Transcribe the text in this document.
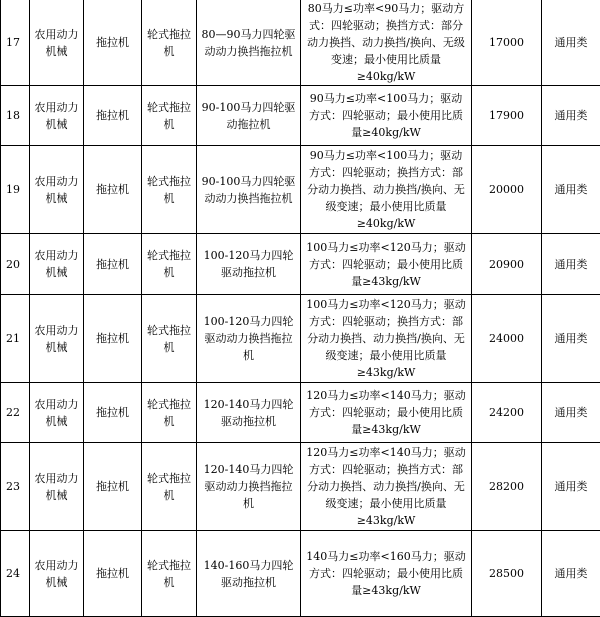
17	农用动力机械	拖拉机	轮式拖拉机	80—90马力四轮驱动动力换挡拖拉机	80马力≤功率<90马力；驱动方式：四轮驱动；换挡方式：部分动力换挡、动力换挡/换向、无级变速；最小使用比质量≥40kg/kW	17000	通用类
18	农用动力机械	拖拉机	轮式拖拉机	90-100马力四轮驱动拖拉机	90马力≤功率<100马力；驱动方式：四轮驱动；最小使用比质量≥40kg/kW	17900	通用类
19	农用动力机械	拖拉机	轮式拖拉机	90-100马力四轮驱动动力换挡拖拉机	90马力≤功率<100马力；驱动方式：四轮驱动；换挡方式：部分动力换挡、动力换挡/换向、无级变速；最小使用比质量≥40kg/kW	20000	通用类
20	农用动力机械	拖拉机	轮式拖拉机	100-120马力四轮驱动拖拉机	100马力≤功率<120马力；驱动方式：四轮驱动；最小使用比质量≥43kg/kW	20900	通用类
21	农用动力机械	拖拉机	轮式拖拉机	100-120马力四轮驱动动力换挡拖拉机	100马力≤功率<120马力；驱动方式：四轮驱动；换挡方式：部分动力换挡、动力换挡/换向、无级变速；最小使用比质量≥43kg/kW	24000	通用类
22	农用动力机械	拖拉机	轮式拖拉机	120-140马力四轮驱动拖拉机	120马力≤功率<140马力；驱动方式：四轮驱动；最小使用比质量≥43kg/kW	24200	通用类
23	农用动力机械	拖拉机	轮式拖拉机	120-140马力四轮驱动动力换挡拖拉机	120马力≤功率<140马力；驱动方式：四轮驱动；换挡方式：部分动力换挡、动力换挡/换向、无级变速；最小使用比质量≥43kg/kW	28200	通用类
24	农用动力机械	拖拉机	轮式拖拉机	140-160马力四轮驱动拖拉机	140马力≤功率<160马力；驱动方式：四轮驱动；最小使用比质量≥43kg/kW	28500	通用类
